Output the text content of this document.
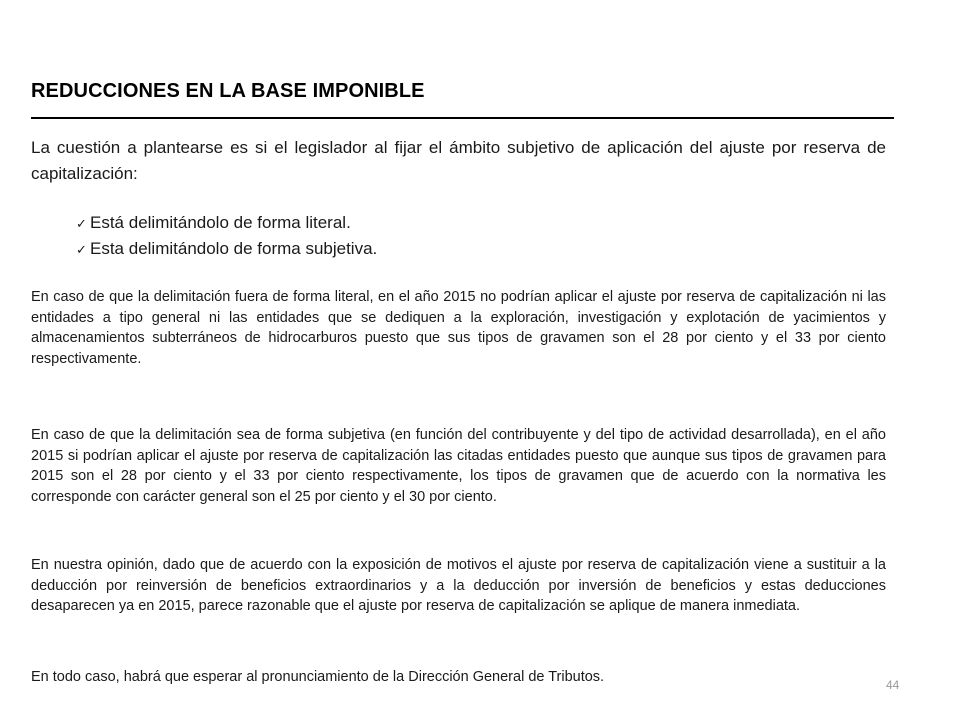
REDUCCIONES EN LA BASE IMPONIBLE

La cuestión a plantearse es si el legislador al fijar el ámbito subjetivo de aplicación del ajuste por reserva de capitalización:

✓ Está delimitándolo de forma literal.
✓ Esta delimitándolo de forma subjetiva.

En caso de que la delimitación fuera de forma literal, en el año 2015 no podrían aplicar el ajuste por reserva de capitalización ni las entidades a tipo general ni las entidades que se dediquen a la exploración, investigación y explotación de yacimientos y almacenamientos subterráneos de hidrocarburos puesto que sus tipos de gravamen son el 28 por ciento y el 33 por ciento respectivamente.

En caso de que la delimitación sea de forma subjetiva (en función del contribuyente y del tipo de actividad desarrollada), en el año 2015 si podrían aplicar el ajuste por reserva de capitalización las citadas entidades puesto que aunque sus tipos de gravamen para 2015 son el 28 por ciento y el 33 por ciento respectivamente, los tipos de gravamen que de acuerdo con la normativa les corresponde con carácter general son el 25 por ciento y el 30 por ciento.

En nuestra opinión, dado que de acuerdo con la exposición de motivos el ajuste por reserva de capitalización viene a sustituir a la deducción por reinversión de beneficios extraordinarios y a la deducción por inversión de beneficios y estas deducciones desaparecen ya en 2015, parece razonable que el ajuste por reserva de capitalización se aplique de manera inmediata.

En todo caso, habrá que esperar al pronunciamiento de la Dirección General de Tributos.	44
